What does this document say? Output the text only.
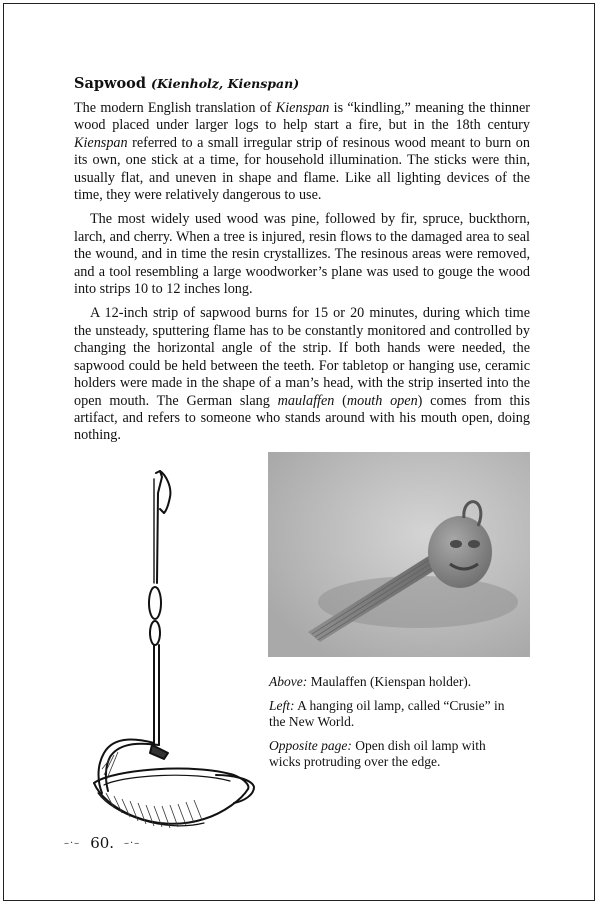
Sapwood (Kienholz, Kienspan)

The modern English translation of Kienspan is “kindling,” meaning the thinner wood placed under larger logs to help start a fire, but in the 18th century Kienspan referred to a small irregular strip of resinous wood meant to burn on its own, one stick at a time, for household illumination. The sticks were thin, usually flat, and uneven in shape and flame. Like all lighting devices of the time, they were relatively dangerous to use.

The most widely used wood was pine, followed by fir, spruce, buckthorn, larch, and cherry. When a tree is injured, resin flows to the damaged area to seal the wound, and in time the resin crystallizes. The resinous areas were removed, and a tool resembling a large woodworker’s plane was used to gouge the wood into strips 10 to 12 inches long.

A 12-inch strip of sapwood burns for 15 or 20 minutes, during which time the unsteady, sputtering flame has to be constantly monitored and controlled by changing the horizontal angle of the strip. If both hands were needed, the sapwood could be held between the teeth. For tabletop or hanging use, ceramic holders were made in the shape of a man’s head, with the strip inserted into the open mouth. The German slang maulaffen (mouth open) comes from this artifact, and refers to someone who stands around with his mouth open, doing nothing.

Above: Maulaffen (Kienspan holder).

Left: A hanging oil lamp, called “Crusie” in the New World.

Opposite page: Open dish oil lamp with wicks protruding over the edge.

–·– 60. –·–
